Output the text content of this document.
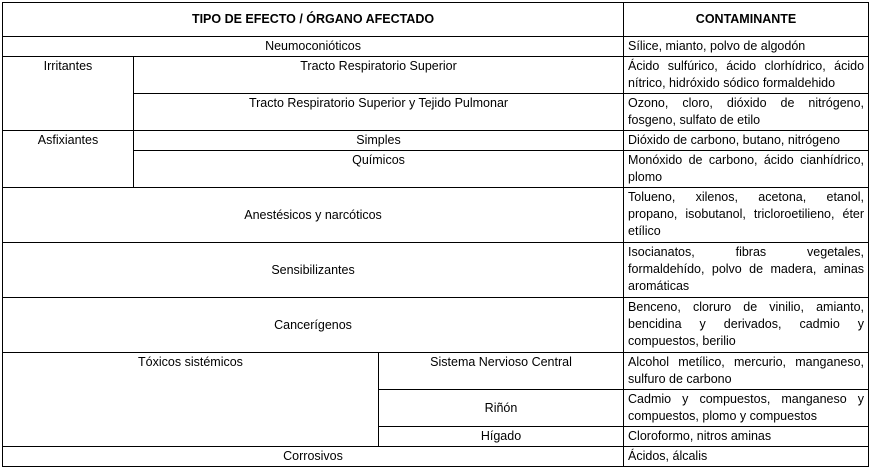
TIPO DE EFECTO / ÓRGANO AFECTADO			CONTAMINANTE
Neumoconióticos			Sílice, mianto, polvo de algodón
Irritantes	Tracto Respiratorio Superior		Ácido sulfúrico, ácido clorhídrico, ácido nítrico, hidróxido sódico formaldehido
	Tracto Respiratorio Superior y Tejido Pulmonar		Ozono, cloro, dióxido de nitrógeno, fosgeno, sulfato de etilo
Asfixiantes	Simples		Dióxido de carbono, butano, nitrógeno
	Químicos		Monóxido de carbono, ácido cianhídrico, plomo
Anestésicos y narcóticos			Tolueno, xilenos, acetona, etanol, propano, isobutanol, tricloroetilieno, éter etílico
Sensibilizantes			Isocianatos, fibras vegetales, formaldehído, polvo de madera, aminas aromáticas
Cancerígenos			Benceno, cloruro de vinilio, amianto, bencidina y derivados, cadmio y compuestos, berilio
Tóxicos sistémicos		Sistema Nervioso Central	Alcohol metílico, mercurio, manganeso, sulfuro de carbono
		Riñón	Cadmio y compuestos, manganeso y compuestos, plomo y compuestos
		Hígado	Cloroformo, nitros aminas
Corrosivos			Ácidos, álcalis
